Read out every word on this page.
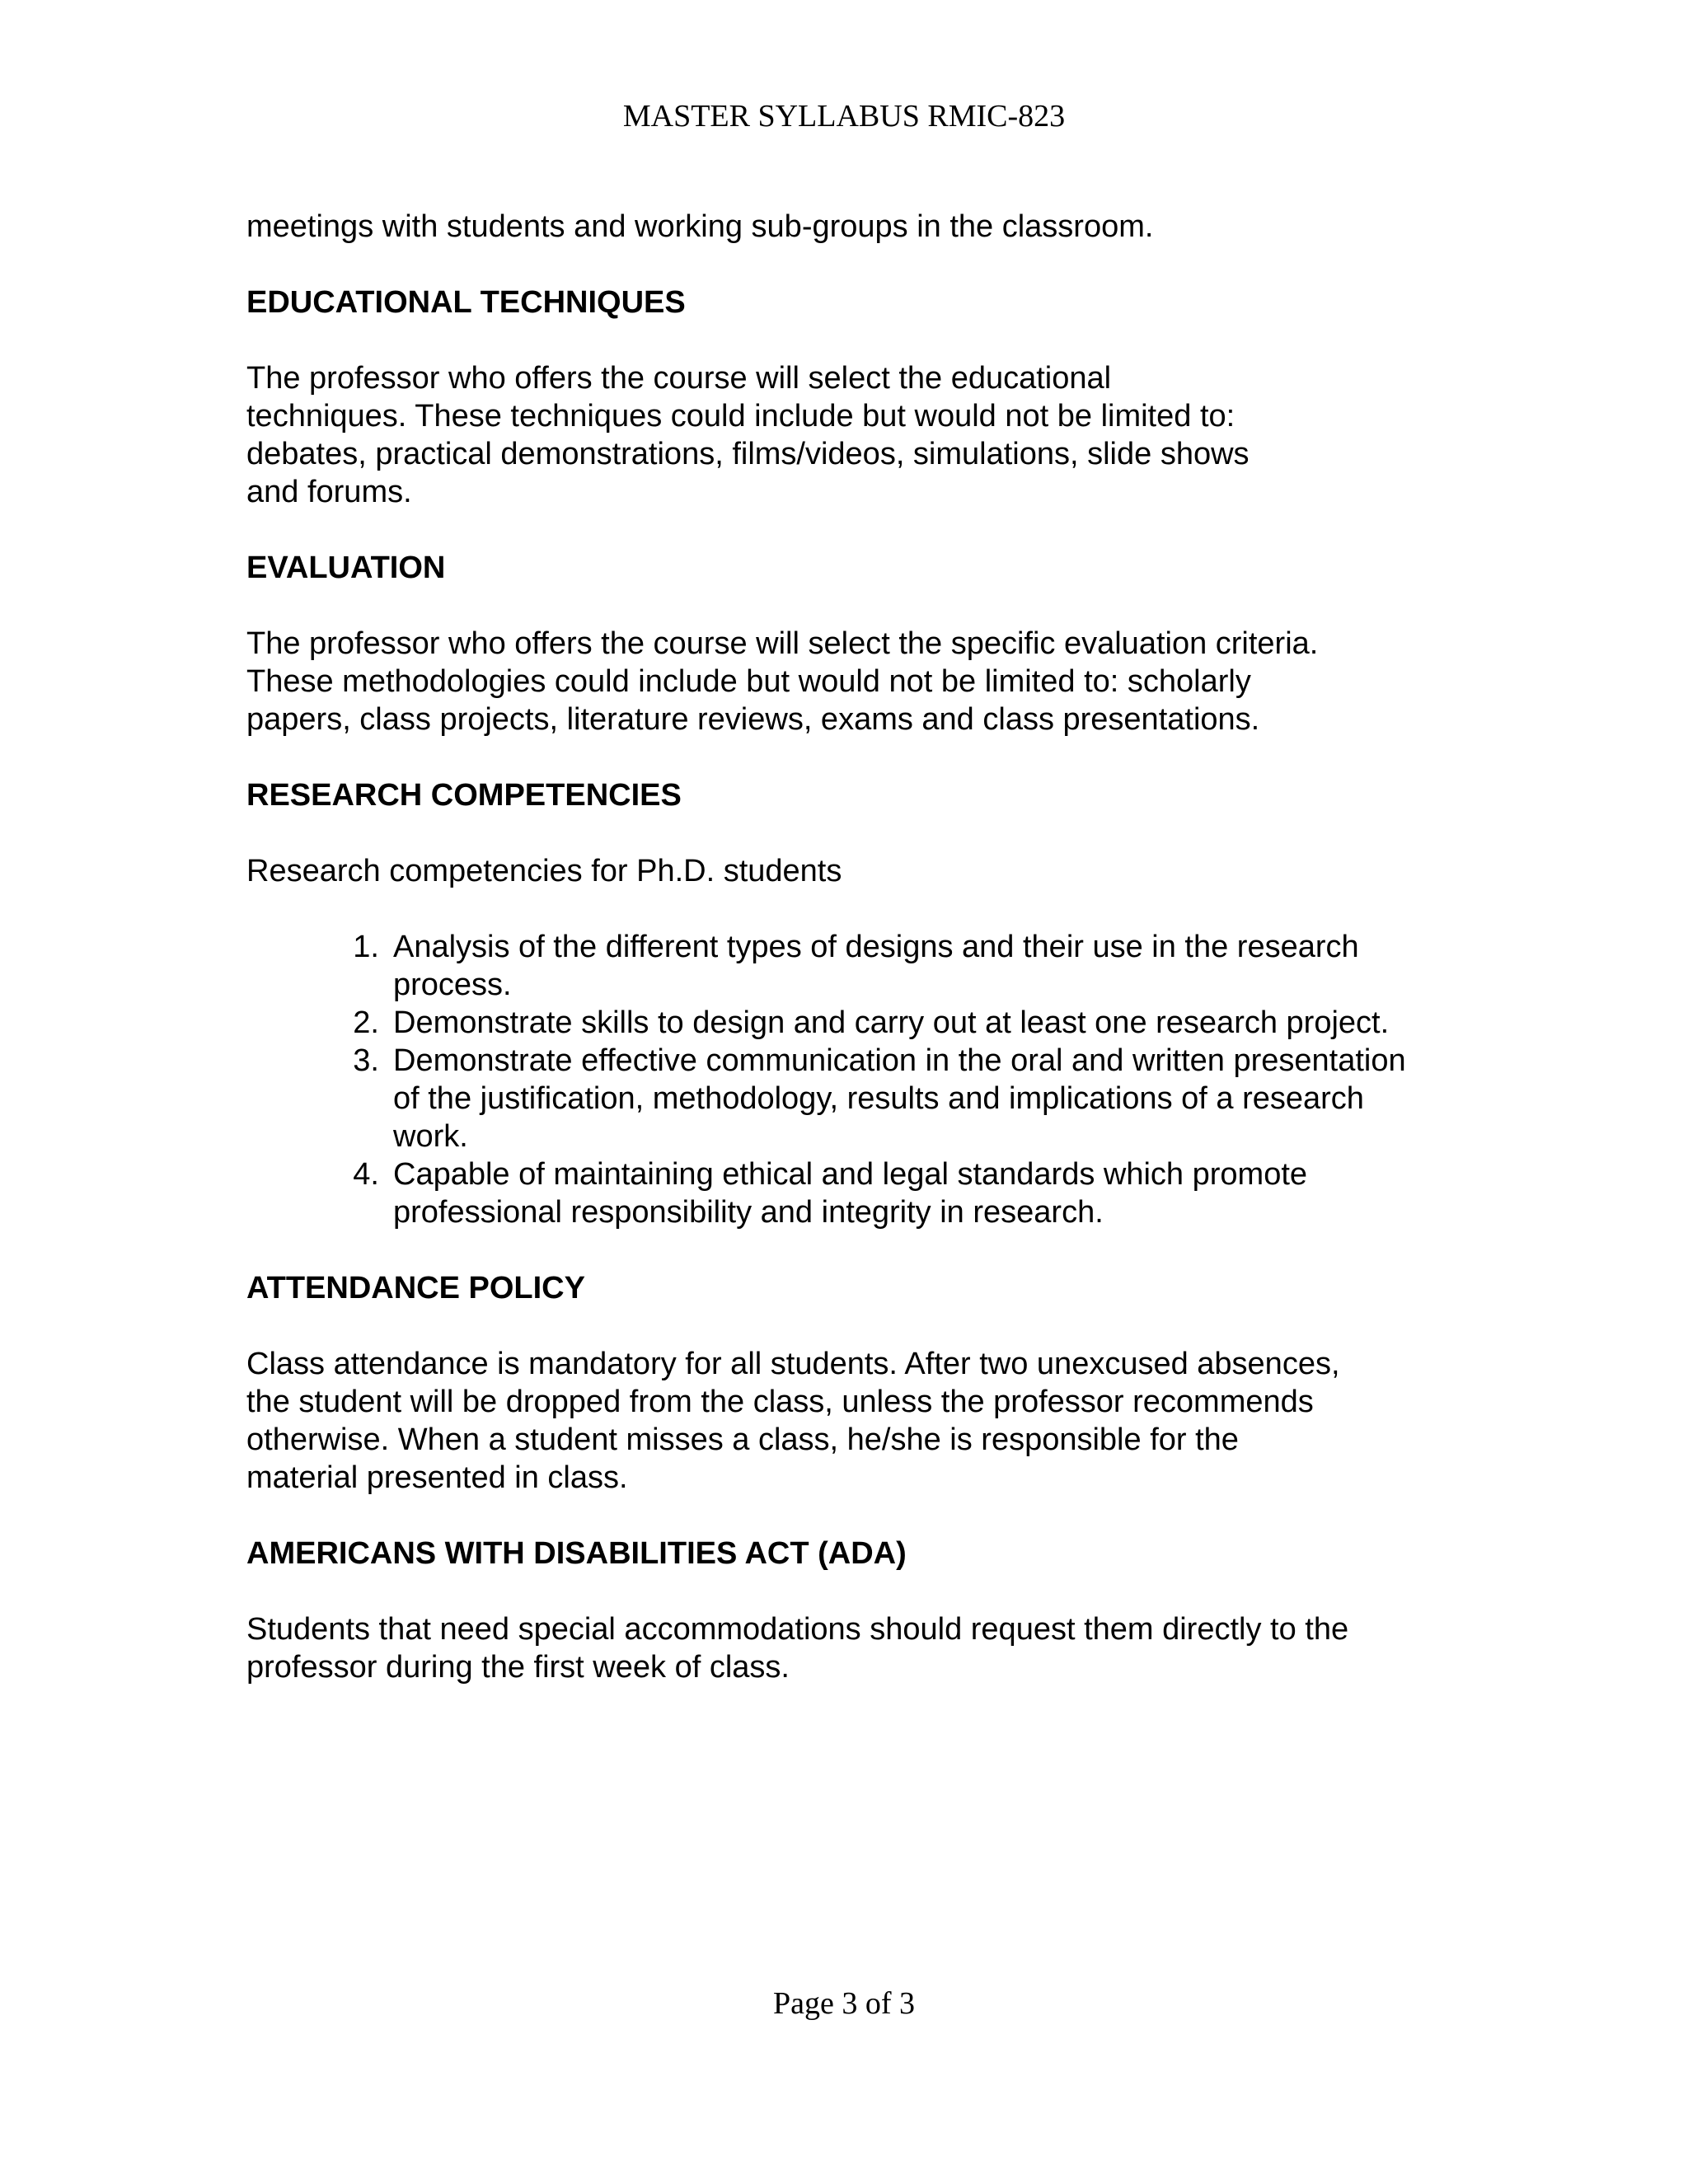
MASTER SYLLABUS RMIC-823

meetings with students and working sub-groups in the classroom.

EDUCATIONAL TECHNIQUES

The professor who offers the course will select the educational
techniques. These techniques could include but would not be limited to:
debates, practical demonstrations, films/videos, simulations, slide shows
and forums.

EVALUATION

The professor who offers the course will select the specific evaluation criteria.
These methodologies could include but would not be limited to: scholarly
papers, class projects, literature reviews, exams and class presentations.

RESEARCH COMPETENCIES

Research competencies for Ph.D. students

1. Analysis of the different types of designs and their use in the research process.
2. Demonstrate skills to design and carry out at least one research project.
3. Demonstrate effective communication in the oral and written presentation of the justification, methodology, results and implications of a research work.
4. Capable of maintaining ethical and legal standards which promote professional responsibility and integrity in research.

ATTENDANCE POLICY

Class attendance is mandatory for all students. After two unexcused absences,
the student will be dropped from the class, unless the professor recommends
otherwise. When a student misses a class, he/she is responsible for the
material presented in class.

AMERICANS WITH DISABILITIES ACT (ADA)

Students that need special accommodations should request them directly to the
professor during the first week of class.

Page 3 of 3
